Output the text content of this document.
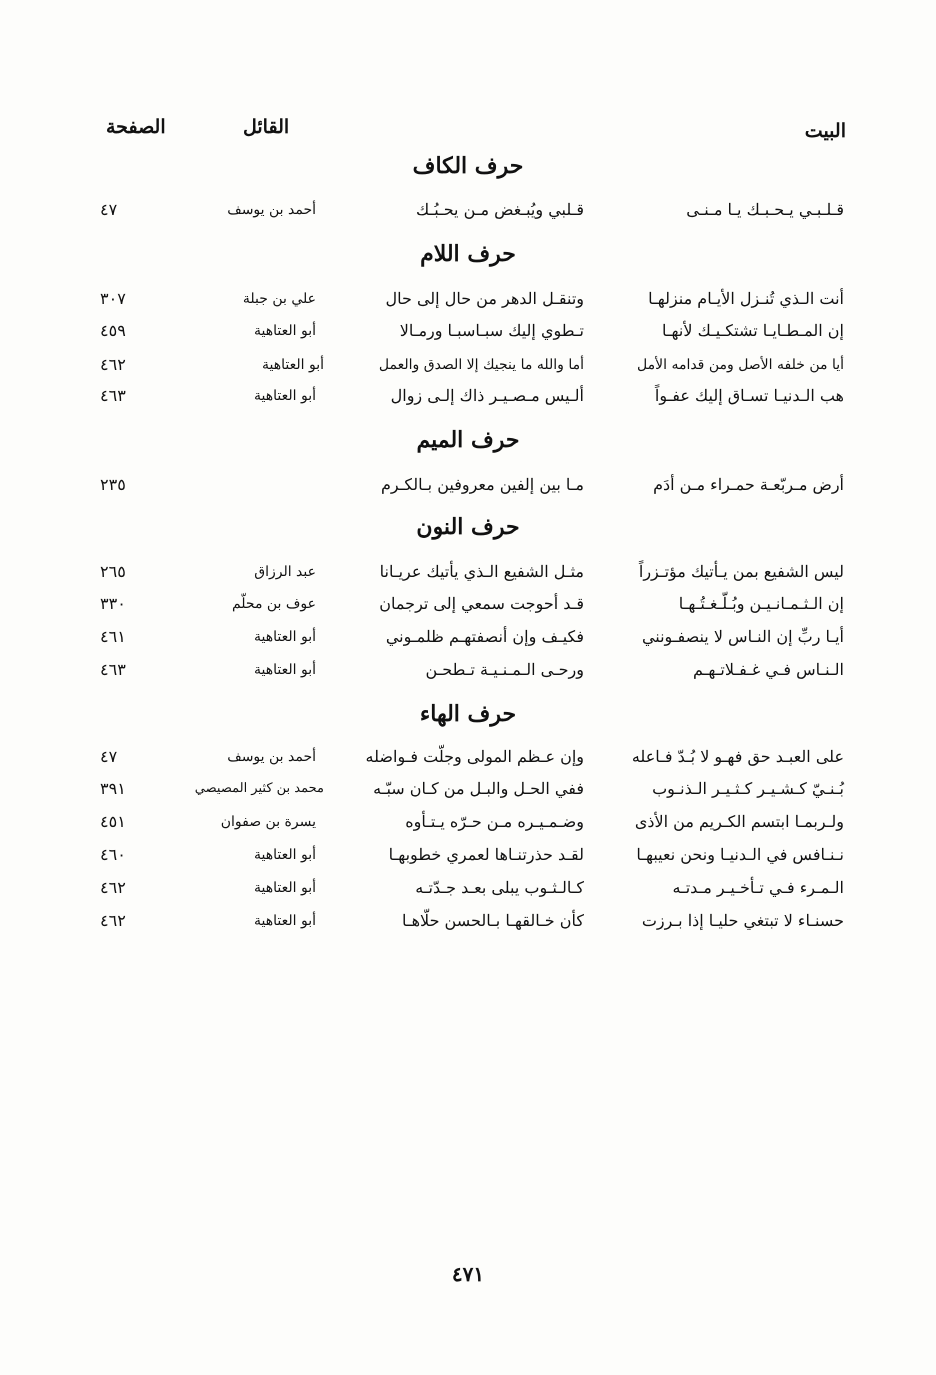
البيت
القائل
الصفحة
حرف الكاف
قـلـبـي يـحـبـك يـا مـنـى
قـلبي ويُبـغض مـن يحـبُـك
أحمد بن يوسف
٤٧
حرف اللام
أنت الـذي تُنـزل الأيـام منزلهـا
وتنقـل الدهر من حال إلى حال
علي بن جبلة
٣٠٧
إن المـطـايـا تشتكـيـك لأنهـا
تـطوي إليك سبـاسبـا ورمـالا
أبو العتاهية
٤٥٩
أيا من خلفه الأصل ومن قدامه الأمل
أما والله ما ينجيك إلا الصدق والعمل
أبو العتاهية
٤٦٢
هب الـدنيـا تسـاق إليك عفـواً
ألـيس مـصـيـر ذاك إلـى زوال
أبو العتاهية
٤٦٣
حرف الميم
أرض مـربّعـة حمـراء مـن أدَم
مـا بين إلفين معروفين بـالكـرم
٢٣٥
حرف النون
ليس الشفيع بمن يـأتيك مؤتـزراً
مثـل الشفيع الـذي يأتيك عريـانا
عبد الرزاق
٢٦٥
إن الـثـمـانـيـن وبُـلّـغـتُـهـا
قـد أحوجت سمعي إلى ترجمان
عوف بن محلّم
٣٣٠
أيـا ربِّ إن النـاس لا ينصفـونني
فكيـف وإن أنصفتهـم ظلمـوني
أبو العتاهية
٤٦١
الـنـاس فـي غـفـلاتـهـم
ورحـى الـمـنـيـة تـطحـن
أبو العتاهية
٤٦٣
حرف الهاء
على العبـد حق فهـو لا بُـدّ فـاعله
وإن عـظم المولى وجلّت فـواضله
أحمد بن يوسف
٤٧
بُـنـيّ كـشـيـر كـثـيـر الـذنـوب
ففي الحـل والبـل من كـان سبّـه
محمد بن كثير المصيصي
٣٩١
ولـربمـا ابتسم الكـريم من الأذى
وضـمـيـره مـن حـرّه يـتـأوه
يسرة بن صفوان
٤٥١
نـنـافس في الـدنيـا ونحن نعيبهـا
لقـد حذرتنـاها لعمري خطوبهـا
أبو العتاهية
٤٦٠
الـمـرء فـي تـأخـيـر مـدتـه
كـالـثـوب يبلى بعـد جـدّتـه
أبو العتاهية
٤٦٢
حسنـاء لا تبتغي حليـا إذا بـرزت
كأن خـالقهـا بـالحسن حلّاهـا
أبو العتاهية
٤٦٢
٤٧١
